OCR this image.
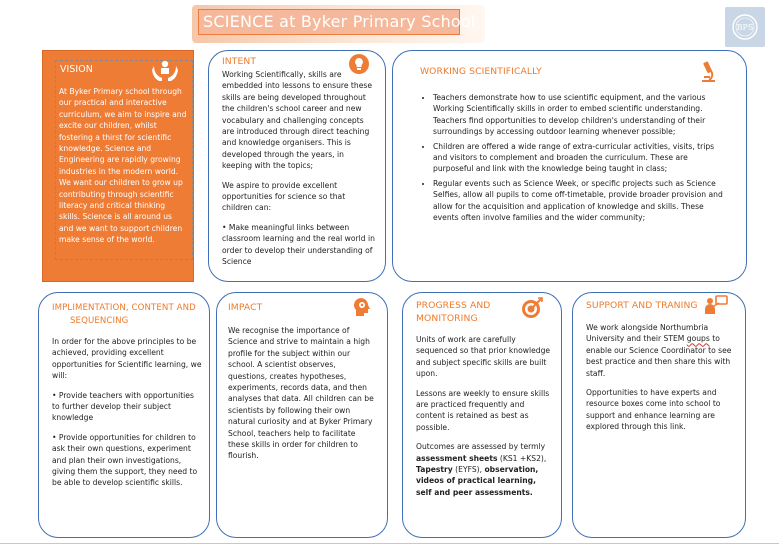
SCIENCE at Byker Primary School	BPS
VISION
At Byker Primary school through our practical and interactive curriculum, we aim to inspire and excite our children, whilst fostering a thirst for scientific knowledge. Science and Engineering are rapidly growing industries in the modern world. We want our children to grow up contributing through scientific literacy and critical thinking skills. Science is all around us and we want to support children make sense of the world.
INTENT

Working Scientifically, skills are embedded into lessons to ensure these skills are being developed throughout the children's school career and new vocabulary and challenging concepts are introduced through direct teaching and knowledge organisers. This is developed through the years, in keeping with the topics;

We aspire to provide excellent opportunities for science so that children can:

• Make meaningful links between classroom learning and the real world in order to develop their understanding of Science
WORKING SCIENTIFICALLY
• Teachers demonstrate how to use scientific equipment, and the various Working Scientifically skills in order to embed scientific understanding. Teachers find opportunities to develop children's understanding of their surroundings by accessing outdoor learning whenever possible;
• Children are offered a wide range of extra-curricular activities, visits, trips and visitors to complement and broaden the curriculum. These are purposeful and link with the knowledge being taught in class;
• Regular events such as Science Week, or specific projects such as Science Selfies, allow all pupils to come off-timetable, provide broader provision and allow for the acquisition and application of knowledge and skills. These events often involve families and the wider community;
IMPLIMENTATION, CONTENT AND
SEQUENCING

In order for the above principles to be achieved, providing excellent opportunities for Scientific learning, we will:

• Provide teachers with opportunities to further develop their subject knowledge

• Provide opportunities for children to ask their own questions, experiment and plan their own investigations, giving them the support, they need to be able to develop scientific skills.

IMPACT
We recognise the importance of Science and strive to maintain a high profile for the subject within our school. A scientist observes, questions, creates hypotheses, experiments, records data, and then analyses that data. All children can be scientists by following their own natural curiosity and at Byker Primary School, teachers help to facilitate these skills in order for children to flourish.
PROGRESS AND
MONITORING

Units of work are carefully sequenced so that prior knowledge and subject specific skills are built upon.

Lessons are weekly to ensure skills are practiced frequently and content is retained as best as possible.

Outcomes are assessed by termly assessment sheets (KS1 +KS2), Tapestry (EYFS), observation, videos of practical learning, self and peer assessments.

SUPPORT AND TRANING

We work alongside Northumbria University and their STEM goups to enable our Science Coordinator to see best practice and then share this with staff.

Opportunities to have experts and resource boxes come into school to support and enhance learning are explored through this link.
